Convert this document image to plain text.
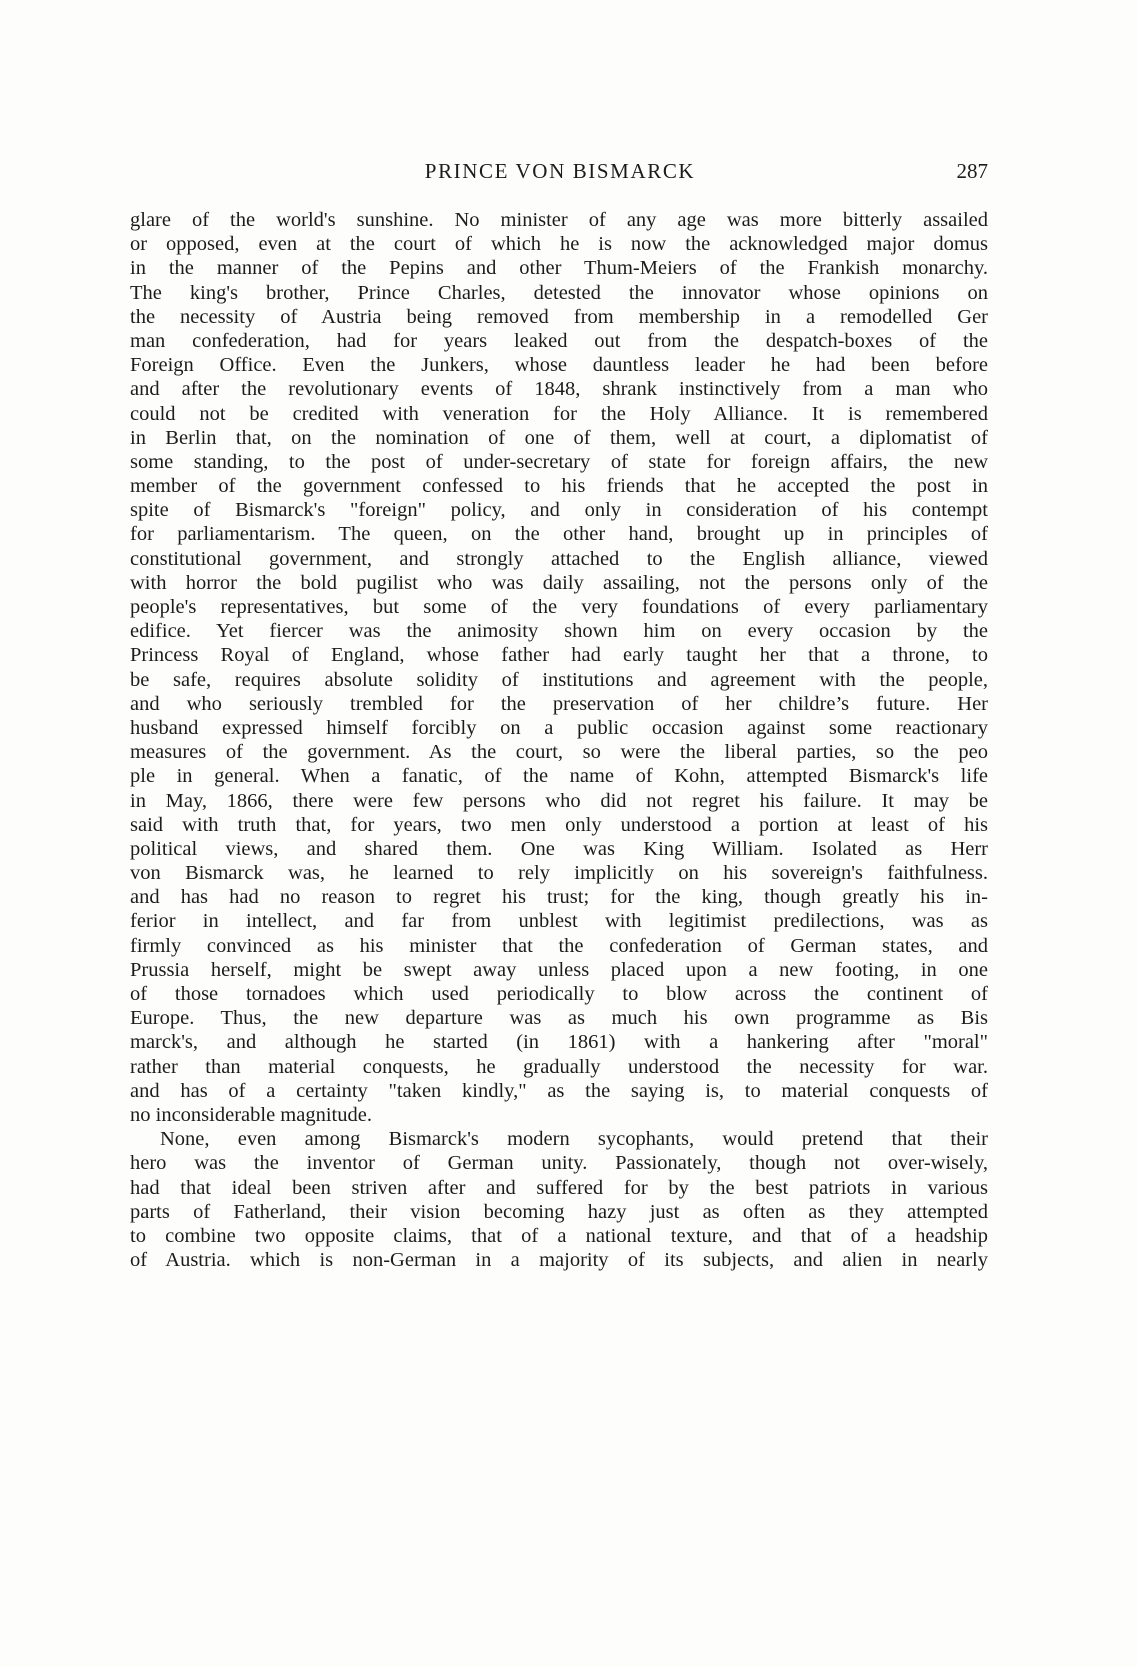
PRINCE VON BISMARCK	287
glare of the world's sunshine. No minister of any age was more bitterly assailed
or opposed, even at the court of which he is now the acknowledged major domus
in the manner of the Pepins and other Thum-Meiers of the Frankish monarchy.
The king's brother, Prince Charles, detested the innovator whose opinions on
the necessity of Austria being removed from membership in a remodelled Ger
man confederation, had for years leaked out from the despatch-boxes of the
Foreign Office. Even the Junkers, whose dauntless leader he had been before
and after the revolutionary events of 1848, shrank instinctively from a man who
could not be credited with veneration for the Holy Alliance. It is remembered
in Berlin that, on the nomination of one of them, well at court, a diplomatist of
some standing, to the post of under-secretary of state for foreign affairs, the new
member of the government confessed to his friends that he accepted the post in
spite of Bismarck's "foreign" policy, and only in consideration of his contempt
for parliamentarism. The queen, on the other hand, brought up in principles of
constitutional government, and strongly attached to the English alliance, viewed
with horror the bold pugilist who was daily assailing, not the persons only of the
people's representatives, but some of the very foundations of every parliamentary
edifice. Yet fiercer was the animosity shown him on every occasion by the
Princess Royal of England, whose father had early taught her that a throne, to
be safe, requires absolute solidity of institutions and agreement with the people,
and who seriously trembled for the preservation of her childre’s future. Her
husband expressed himself forcibly on a public occasion against some reactionary
measures of the government. As the court, so were the liberal parties, so the peo
ple in general. When a fanatic, of the name of Kohn, attempted Bismarck's life
in May, 1866, there were few persons who did not regret his failure. It may be
said with truth that, for years, two men only understood a portion at least of his
political views, and shared them. One was King William. Isolated as Herr
von Bismarck was, he learned to rely implicitly on his sovereign's faithfulness.
and has had no reason to regret his trust; for the king, though greatly his in-
ferior in intellect, and far from unblest with legitimist predilections, was as
firmly convinced as his minister that the confederation of German states, and
Prussia herself, might be swept away unless placed upon a new footing, in one
of those tornadoes which used periodically to blow across the continent of
Europe. Thus, the new departure was as much his own programme as Bis
marck's, and although he started (in 1861) with a hankering after "moral"
rather than material conquests, he gradually understood the necessity for war.
and has of a certainty "taken kindly," as the saying is, to material conquests of
no inconsiderable magnitude.
None, even among Bismarck's modern sycophants, would pretend that their
hero was the inventor of German unity. Passionately, though not over-wisely,
had that ideal been striven after and suffered for by the best patriots in various
parts of Fatherland, their vision becoming hazy just as often as they attempted
to combine two opposite claims, that of a national texture, and that of a headship
of Austria. which is non-German in a majority of its subjects, and alien in nearly
